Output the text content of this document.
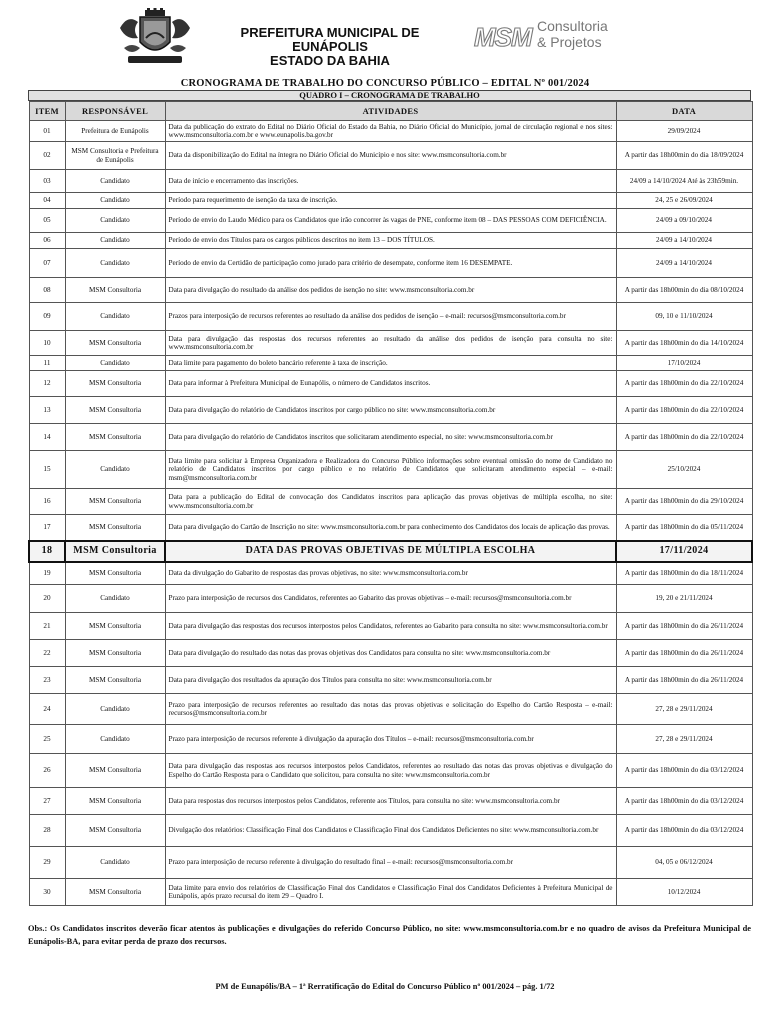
PREFEITURA MUNICIPAL DE EUNÁPOLIS
ESTADO DA BAHIA
MSM Consultoria
& Projetos
CRONOGRAMA DE TRABALHO DO CONCURSO PÚBLICO – EDITAL Nº 001/2024
QUADRO I – CRONOGRAMA DE TRABALHO
ITEM	RESPONSÁVEL	ATIVIDADES	DATA
01	Prefeitura de Eunápolis	Data da publicação do extrato do Edital no Diário Oficial do Estado da Bahia, no Diário Oficial do Município, jornal de circulação regional e nos sites: www.msmconsultoria.com.br e www.eunapolis.ba.gov.br	29/09/2024
02	MSM Consultoria e Prefeitura de Eunápolis	Data da disponibilização do Edital na íntegra no Diário Oficial do Município e nos site: www.msmconsultoria.com.br	A partir das 18h00min do dia 18/09/2024
03	Candidato	Data de início e encerramento das inscrições.	24/09 a 14/10/2024 Até às 23h59min.
04	Candidato	Período para requerimento de isenção da taxa de inscrição.	24, 25 e 26/09/2024
05	Candidato	Período de envio do Laudo Médico para os Candidatos que irão concorrer às vagas de PNE, conforme item 08 – DAS PESSOAS COM DEFICIÊNCIA.	24/09 a 09/10/2024
06	Candidato	Período de envio dos Títulos para os cargos públicos descritos no item 13 – DOS TÍTULOS.	24/09 a 14/10/2024
07	Candidato	Período de envio da Certidão de participação como jurado para critério de desempate, conforme item 16 DESEMPATE.	24/09 a 14/10/2024
08	MSM Consultoria	Data para divulgação do resultado da análise dos pedidos de isenção no site: www.msmconsultoria.com.br	A partir das 18h00min do dia 08/10/2024
09	Candidato	Prazos para interposição de recursos referentes ao resultado da análise dos pedidos de isenção – e-mail: recursos@msmconsultoria.com.br	09, 10 e 11/10/2024
10	MSM Consultoria	Data para divulgação das respostas dos recursos referentes ao resultado da análise dos pedidos de isenção para consulta no site: www.msmconsultoria.com.br	A partir das 18h00min do dia 14/10/2024
11	Candidato	Data limite para pagamento do boleto bancário referente à taxa de inscrição.	17/10/2024
12	MSM Consultoria	Data para informar à Prefeitura Municipal de Eunapólis, o número de Candidatos inscritos.	A partir das 18h00min do dia 22/10/2024
13	MSM Consultoria	Data para divulgação do relatório de Candidatos inscritos por cargo público no site: www.msmconsultoria.com.br	A partir das 18h00min do dia 22/10/2024
14	MSM Consultoria	Data para divulgação do relatório de Candidatos inscritos que solicitaram atendimento especial, no site: www.msmconsultoria.com.br	A partir das 18h00min do dia 22/10/2024
15	Candidato	Data limite para solicitar à Empresa Organizadora e Realizadora do Concurso Público informações sobre eventual omissão do nome de Candidato no relatório de Candidatos inscritos por cargo público e no relatório de Candidatos que solicitaram atendimento especial – e-mail: msm@msmconsultoria.com.br	25/10/2024
16	MSM Consultoria	Data para a publicação do Edital de convocação dos Candidatos inscritos para aplicação das provas objetivas de múltipla escolha, no site: www.msmconsultoria.com.br	A partir das 18h00min do dia 29/10/2024
17	MSM Consultoria	Data para divulgação do Cartão de Inscrição no site: www.msmconsultoria.com.br para conhecimento dos Candidatos dos locais de aplicação das provas.	A partir das 18h00min do dia 05/11/2024
18	MSM Consultoria	DATA DAS PROVAS OBJETIVAS DE MÚLTIPLA ESCOLHA	17/11/2024
19	MSM Consultoria	Data da divulgação do Gabarito de respostas das provas objetivas, no site: www.msmconsultoria.com.br	A partir das 18h00min do dia 18/11/2024
20	Candidato	Prazo para interposição de recursos dos Candidatos, referentes ao Gabarito das provas objetivas – e-mail: recursos@msmconsultoria.com.br	19, 20 e 21/11/2024
21	MSM Consultoria	Data para divulgação das respostas dos recursos interpostos pelos Candidatos, referentes ao Gabarito para consulta no site: www.msmconsultoria.com.br	A partir das 18h00min do dia 26/11/2024
22	MSM Consultoria	Data para divulgação do resultado das notas das provas objetivas dos Candidatos para consulta no site: www.msmconsultoria.com.br	A partir das 18h00min do dia 26/11/2024
23	MSM Consultoria	Data para divulgação dos resultados da apuração dos Títulos para consulta no site: www.msmconsultoria.com.br	A partir das 18h00min do dia 26/11/2024
24	Candidato	Prazo para interposição de recursos referentes ao resultado das notas das provas objetivas e solicitação do Espelho do Cartão Resposta – e-mail: recursos@msmconsultoria.com.br	27, 28 e 29/11/2024
25	Candidato	Prazo para interposição de recursos referente à divulgação da apuração dos Títulos – e-mail: recursos@msmconsultoria.com.br	27, 28 e 29/11/2024
26	MSM Consultoria	Data para divulgação das respostas aos recursos interpostos pelos Candidatos, referentes ao resultado das notas das provas objetivas e divulgação do Espelho do Cartão Resposta para o Candidato que solicitou, para consulta no site: www.msmconsultoria.com.br	A partir das 18h00min do dia 03/12/2024
27	MSM Consultoria	Data para respostas dos recursos interpostos pelos Candidatos, referente aos Títulos, para consulta no site: www.msmconsultoria.com.br	A partir das 18h00min do dia 03/12/2024
28	MSM Consultoria	Divulgação dos relatórios: Classificação Final dos Candidatos e Classificação Final dos Candidatos Deficientes no site: www.msmconsultoria.com.br	A partir das 18h00min do dia 03/12/2024
29	Candidato	Prazo para interposição de recurso referente à divulgação do resultado final – e-mail: recursos@msmconsultoria.com.br	04, 05 e 06/12/2024
30	MSM Consultoria	Data limite para envio dos relatórios de Classificação Final dos Candidatos e Classificação Final dos Candidatos Deficientes à Prefeitura Municipal de Eunápolis, após prazo recursal do item 29 – Quadro I.	10/12/2024
Obs.: Os Candidatos inscritos deverão ficar atentos às publicações e divulgações do referido Concurso Público, no site: www.msmconsultoria.com.br e no quadro de avisos da Prefeitura Municipal de Eunápolis-BA, para evitar perda de prazo dos recursos.
PM de Eunapólis/BA – 1ª Rerratificação do Edital do Concurso Público nº 001/2024 – pág. 1/72
